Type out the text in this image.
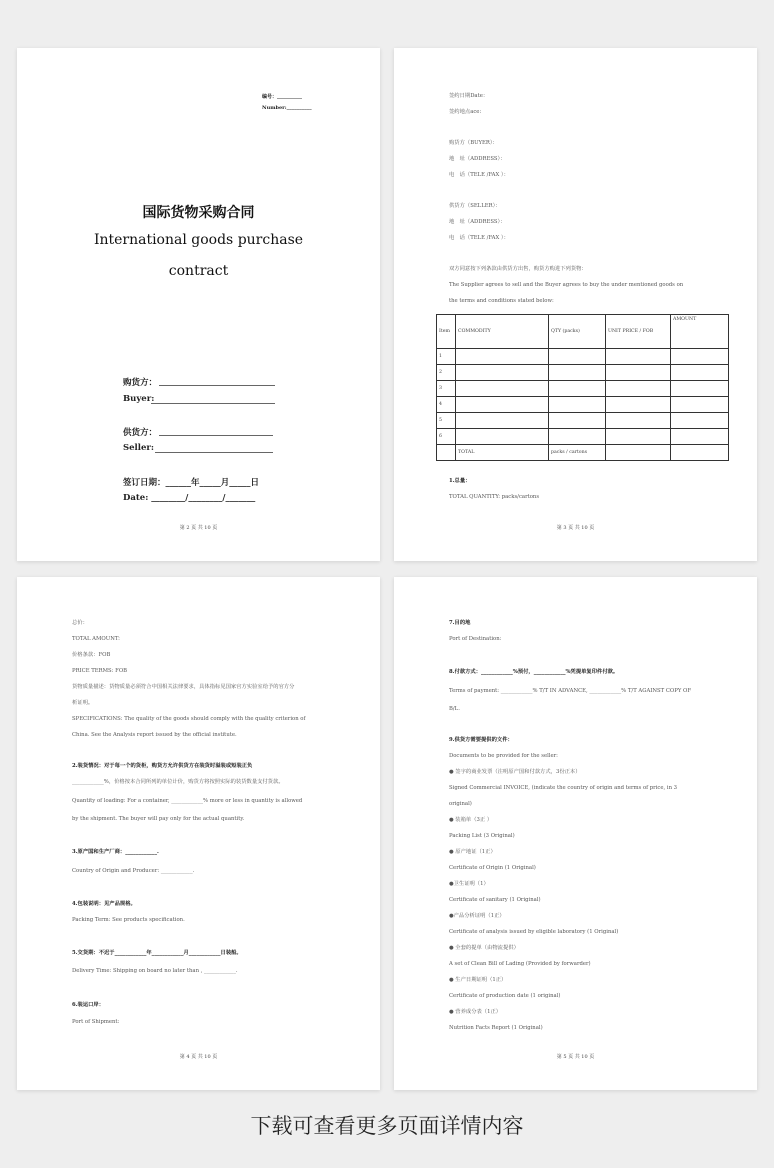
编号：__________
Number:__________
国际货物采购合同
International goods purchase
contract
购货方：
Buyer:
供货方：
Seller:
签订日期：______年_____月_____日
Date: ________/________/_______
第 2 页 共 10 页
签约日期Date：
签约地点ace:
购货方（BUYER）：
地　址（ADDRESS）：
电　话（TELE /FAX ）：
供货方（SELLER）：
地　址（ADDRESS）：
电　话（TELE /FAX ）：
双方同意按下列条款由供货方出售，购货方购进下列货物：
The Supplier agrees to sell and the Buyer agrees to buy the under mentioned goods on
the terms and conditions stated below:
Item	COMMODITY	QTY (packs)	UNIT PRICE / FOB	AMOUNT
1				
2				
3				
4				
5				
6				
	TOTAL	packs / cartons		
1.总量：
TOTAL QUANTITY: packs/cartons
第 3 页 共 10 页
总价：
TOTAL AMOUNT:
价格条款：FOB
PRICE TERMS: FOB
货物质量描述：货物质量必须符合中国相关法律要求，具体指标见国家官方实验室给予的官方分
析证明。
SPECIFICATIONS: The quality of the goods should comply with the quality criterion of
China. See the Analysis report issued by the official institute.
2.装货情况：对于每一个的货柜，购货方允许供货方在装货时溢装或短装正负
____________%，价格按本合同所列的单位计价，购货方将按照实际的装货数量支付货款。
Quantity of loading: For a container, ____________% more or less in quantity is allowed
by the shipment. The buyer will pay only for the actual quantity.
3.原产国和生产厂商：____________.
Country of Origin and Producer: ____________.
4.包装说明：见产品规格。
Packing Term: See products specification.
5.交货期：不迟于____________年____________月____________日装船。
Delivery Time: Shipping on board no later than , ____________.
6.装运口岸：
Port of Shipment:
第 4 页 共 10 页
7.目的地
Port of Destination:
8.付款方式：____________%预付，____________%凭提单复印件付款。
Terms of payment: ____________% T/T IN ADVANCE, ____________% T/T AGAINST COPY OF
B/L.
9.供货方需要提供的文件：
Documents to be provided for the seller:
● 签字的商业发票（注明原产国和付款方式，3份正本）
Signed Commercial INVOICE, (indicate the country of origin and terms of price, in 3
original)
● 装箱单（3正 ）
Packing List (3 Original)
● 原产地证（1正）
Certificate of Origin (1 Original)
●卫生证明（1）
Certificate of sanitary (1 Original)
●产品分析证明（1正）
Certificate of analysis issued by eligible laboratory (1 Original)
● 全套的提单（由物流提供）
A set of Clean Bill of Lading (Provided by forwarder)
● 生产日期证明（1正）
Certificate of production date (1 original)
● 营养成分表（1正）
Nutrition Facts Report (1 Original)
第 5 页 共 10 页
下载可查看更多页面详情内容
